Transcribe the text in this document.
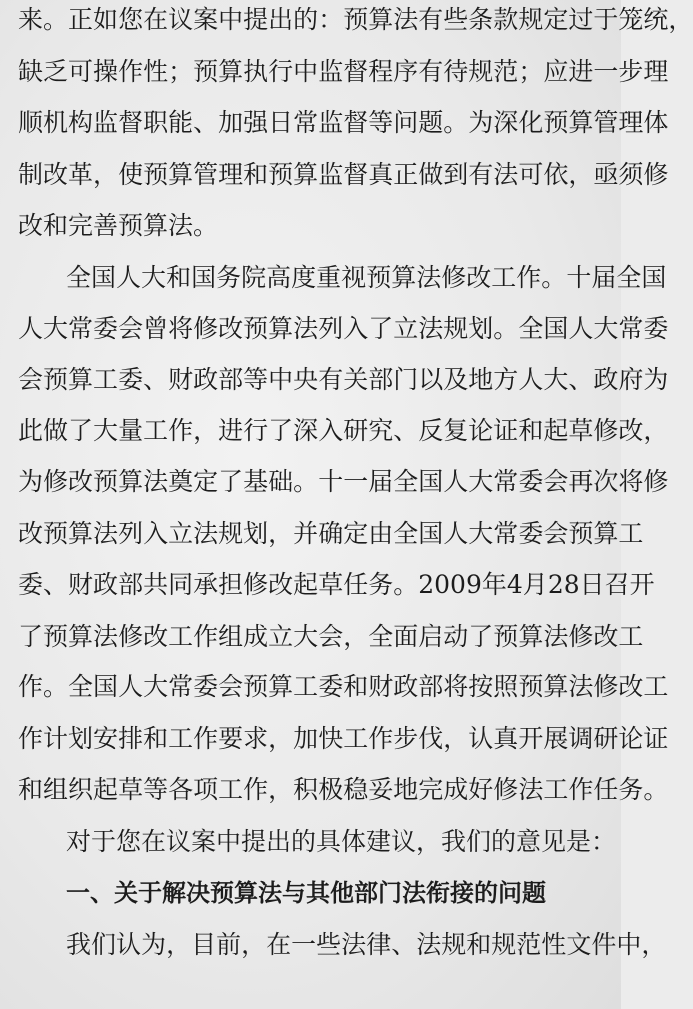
来 。 正 如 您 在 议 案 中 提 出 的 ： 预 算 法 有 些 条 款 规 定 过 于 笼 统 ，
缺 乏 可 操 作 性 ； 预 算 执 行 中 监 督 程 序 有 待 规 范 ； 应 进 一 步 理
顺 机 构 监 督 职 能 、 加 强 日 常 监 督 等 问 题 。 为 深 化 预 算 管 理 体
制 改 革 ， 使 预 算 管 理 和 预 算 监 督 真 正 做 到 有 法 可 依 ， 亟 须 修
改和完善预算法。
全 国 人 大 和 国 务 院 高 度 重 视 预 算 法 修 改 工 作 。 十 届 全 国
人 大 常 委 会 曾 将 修 改 预 算 法 列 入 了 立 法 规 划 。 全 国 人 大 常 委
会 预 算 工 委 、 财 政 部 等 中 央 有 关 部 门 以 及 地 方 人 大 、 政 府 为
此 做 了 大 量 工 作 ， 进 行 了 深 入 研 究 、 反 复 论 证 和 起 草 修 改 ，
为 修 改 预 算 法 奠 定 了 基 础 。 十 一 届 全 国 人 大 常 委 会 再 次 将 修
改 预 算 法 列 入 立 法 规 划 ， 并 确 定 由 全 国 人 大 常 委 会 预 算 工
委 、 财 政 部 共 同 承 担 修 改 起 草 任 务 。 2009 年 4 月 28 日 召 开
了 预 算 法 修 改 工 作 组 成 立 大 会 ， 全 面 启 动 了 预 算 法 修 改 工
作 。 全 国 人 大 常 委 会 预 算 工 委 和 财 政 部 将 按 照 预 算 法 修 改 工
作 计 划 安 排 和 工 作 要 求 ， 加 快 工 作 步 伐 ， 认 真 开 展 调 研 论 证
和 组 织 起 草 等 各 项 工 作 ， 积 极 稳 妥 地 完 成 好 修 法 工 作 任 务 。
对于您在议案中提出的具体建议，我们的意见是：
一、关于解决预算法与其他部门法衔接的问题
我 们 认 为 ， 目 前 ， 在 一 些 法 律 、 法 规 和 规 范 性 文 件 中 ，
